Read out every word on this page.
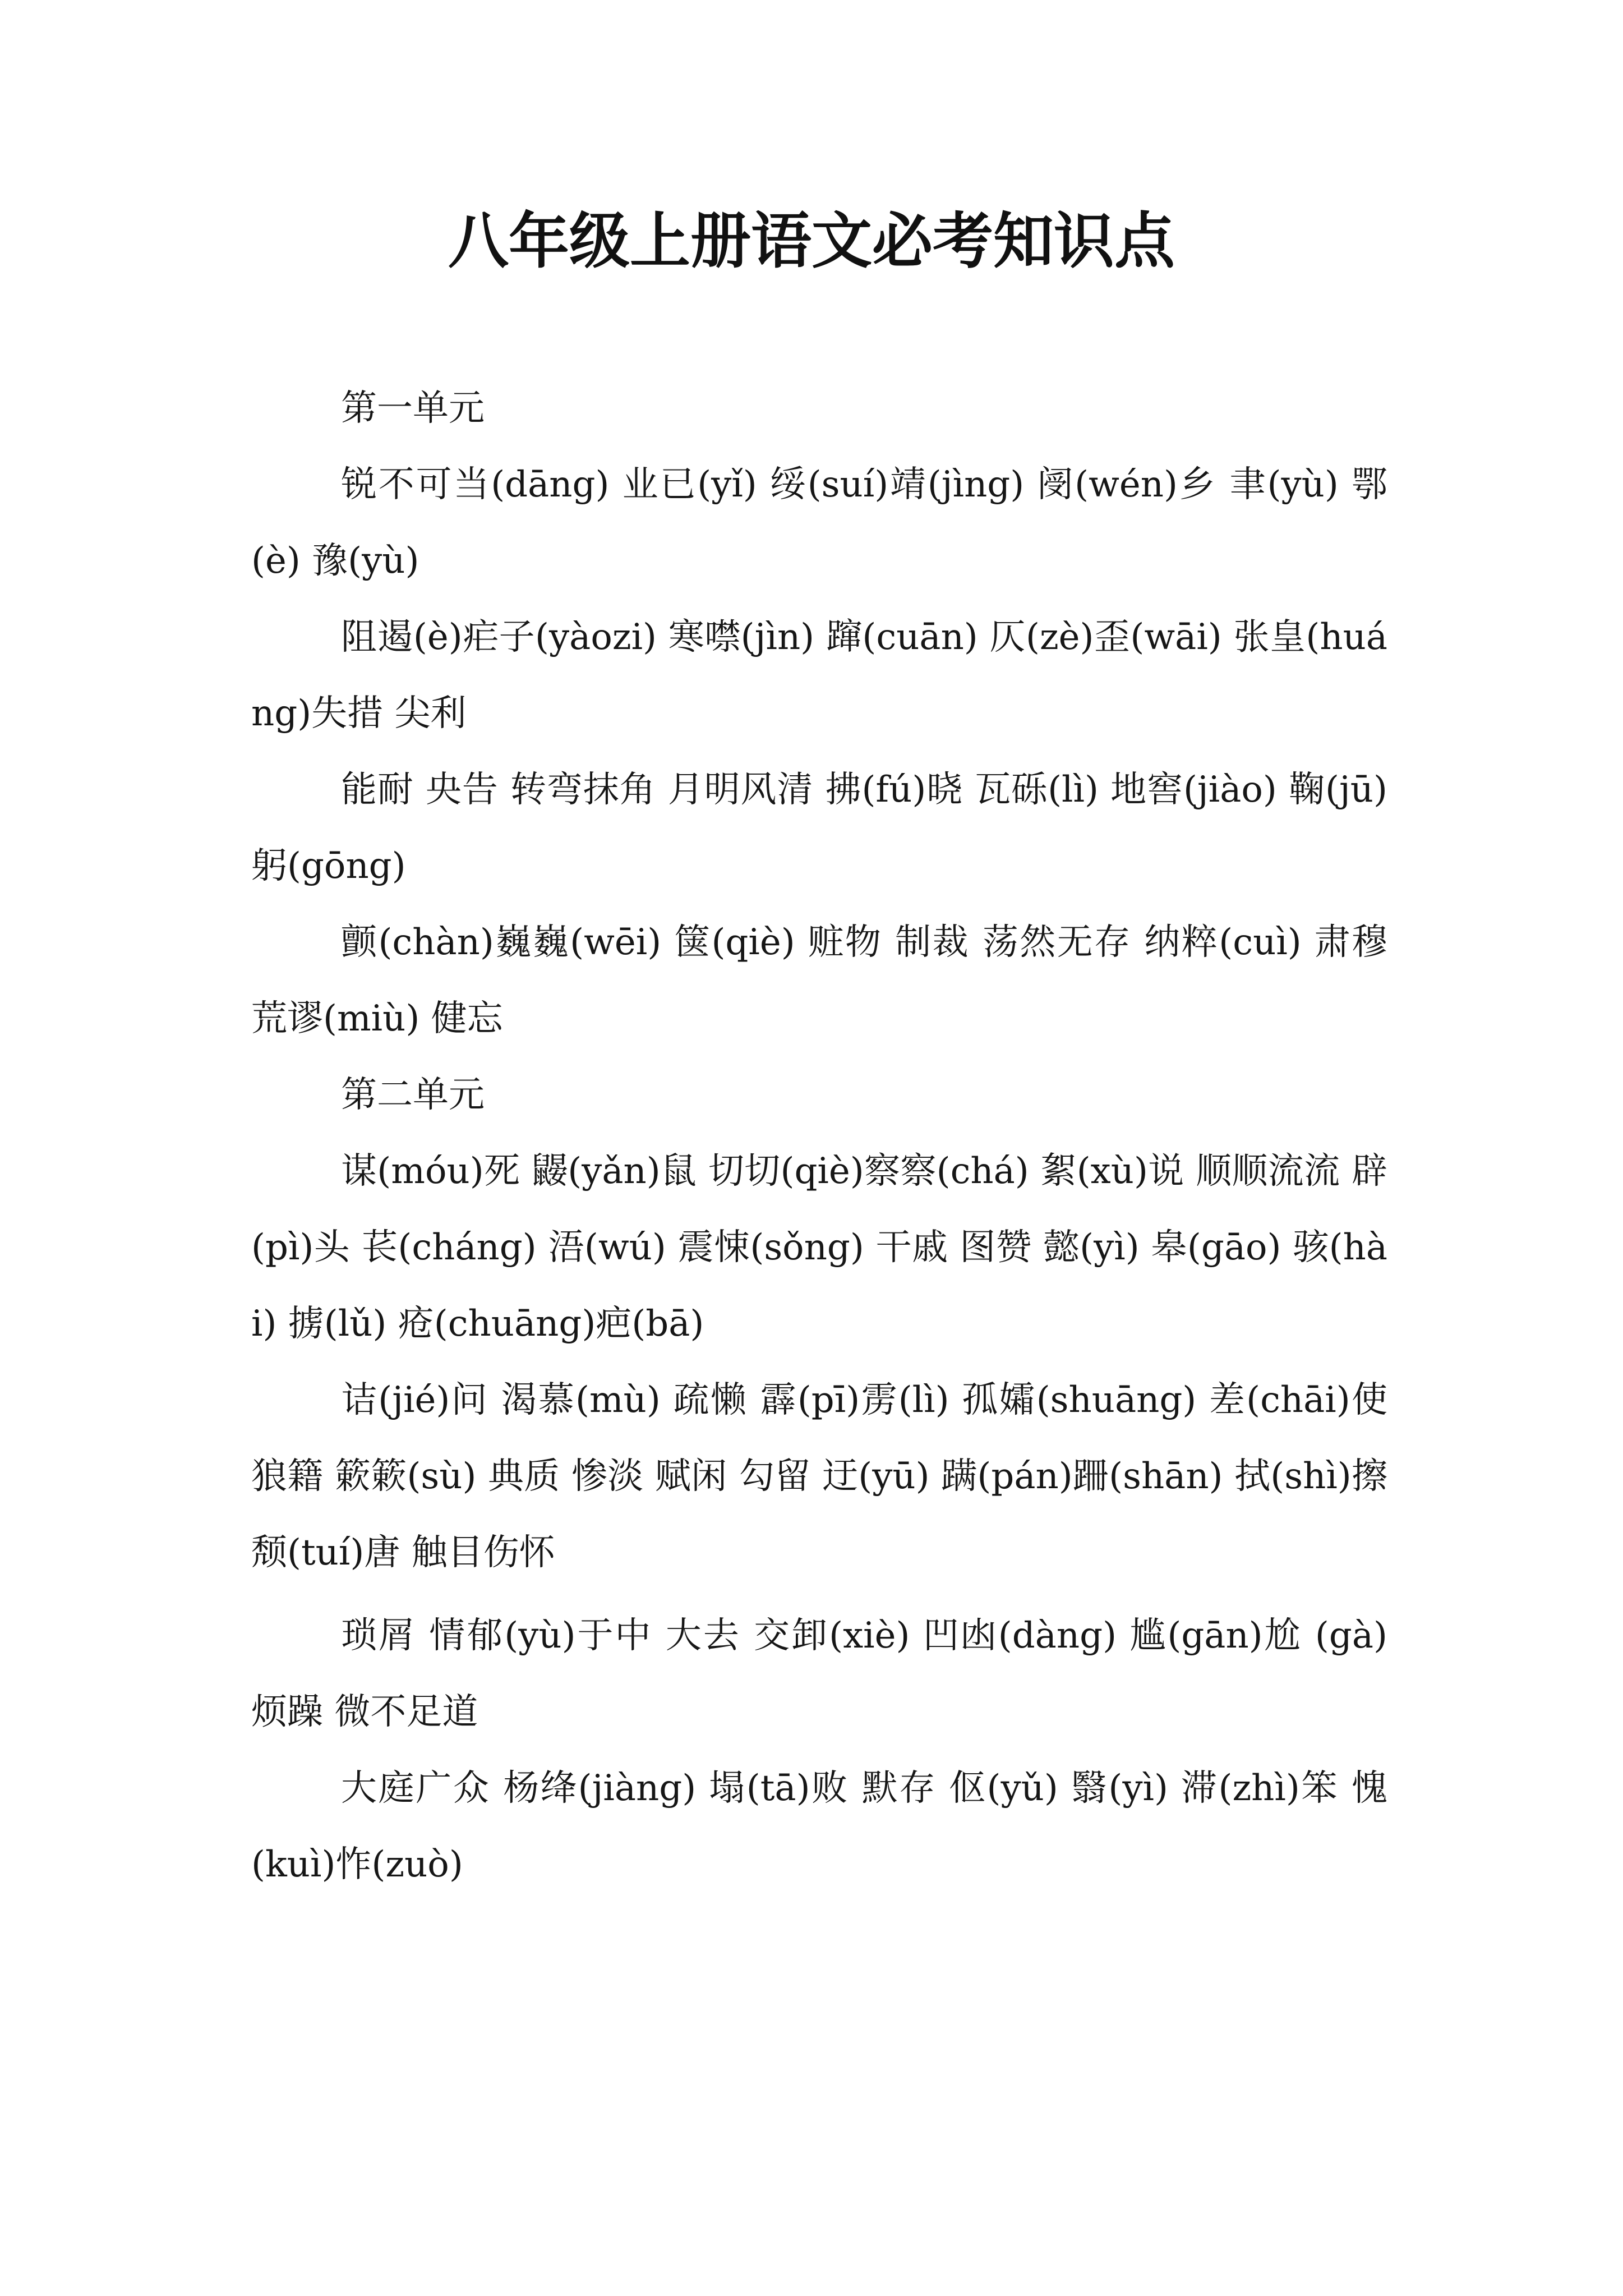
八年级上册语文必考知识点

第一单元

锐不可当(dāng) 业已(yǐ) 绥(suí)靖(jìng) 阌(wén)乡 聿(yù) 鄂(è) 豫(yù)

阻遏(è)疟子(yàozi) 寒噤(jìn) 蹿(cuān) 仄(zè)歪(wāi) 张皇(huáng)失措 尖利

能耐 央告 转弯抹角 月明风清 拂(fú)晓 瓦砾(lì) 地窖(jiào) 鞠(jū)躬(gōng)

颤(chàn)巍巍(wēi) 箧(qiè) 赃物 制裁 荡然无存 纳粹(cuì) 肃穆 荒谬(miù) 健忘

第二单元

谋(móu)死 鼹(yǎn)鼠 切切(qiè)察察(chá) 絮(xù)说 顺顺流流 辟(pì)头 苌(cháng) 浯(wú) 震悚(sǒng) 干戚 图赞 懿(yì) 皋(gāo) 骇(hài) 掳(lǔ) 疮(chuāng)疤(bā)

诘(jié)问 渴慕(mù) 疏懒 霹(pī)雳(lì) 孤孀(shuāng) 差(chāi)使 狼籍 簌簌(sù) 典质 惨淡 赋闲 勾留 迂(yū) 蹒(pán)跚(shān) 拭(shì)擦 颓(tuí)唐 触目伤怀

琐屑 情郁(yù)于中 大去 交卸(xiè) 凹凼(dàng) 尴(gān)尬 (gà) 烦躁 微不足道

大庭广众 杨绛(jiàng) 塌(tā)败 默存 伛(yǔ) 翳(yì) 滞(zhì)笨 愧(kuì)怍(zuò)
